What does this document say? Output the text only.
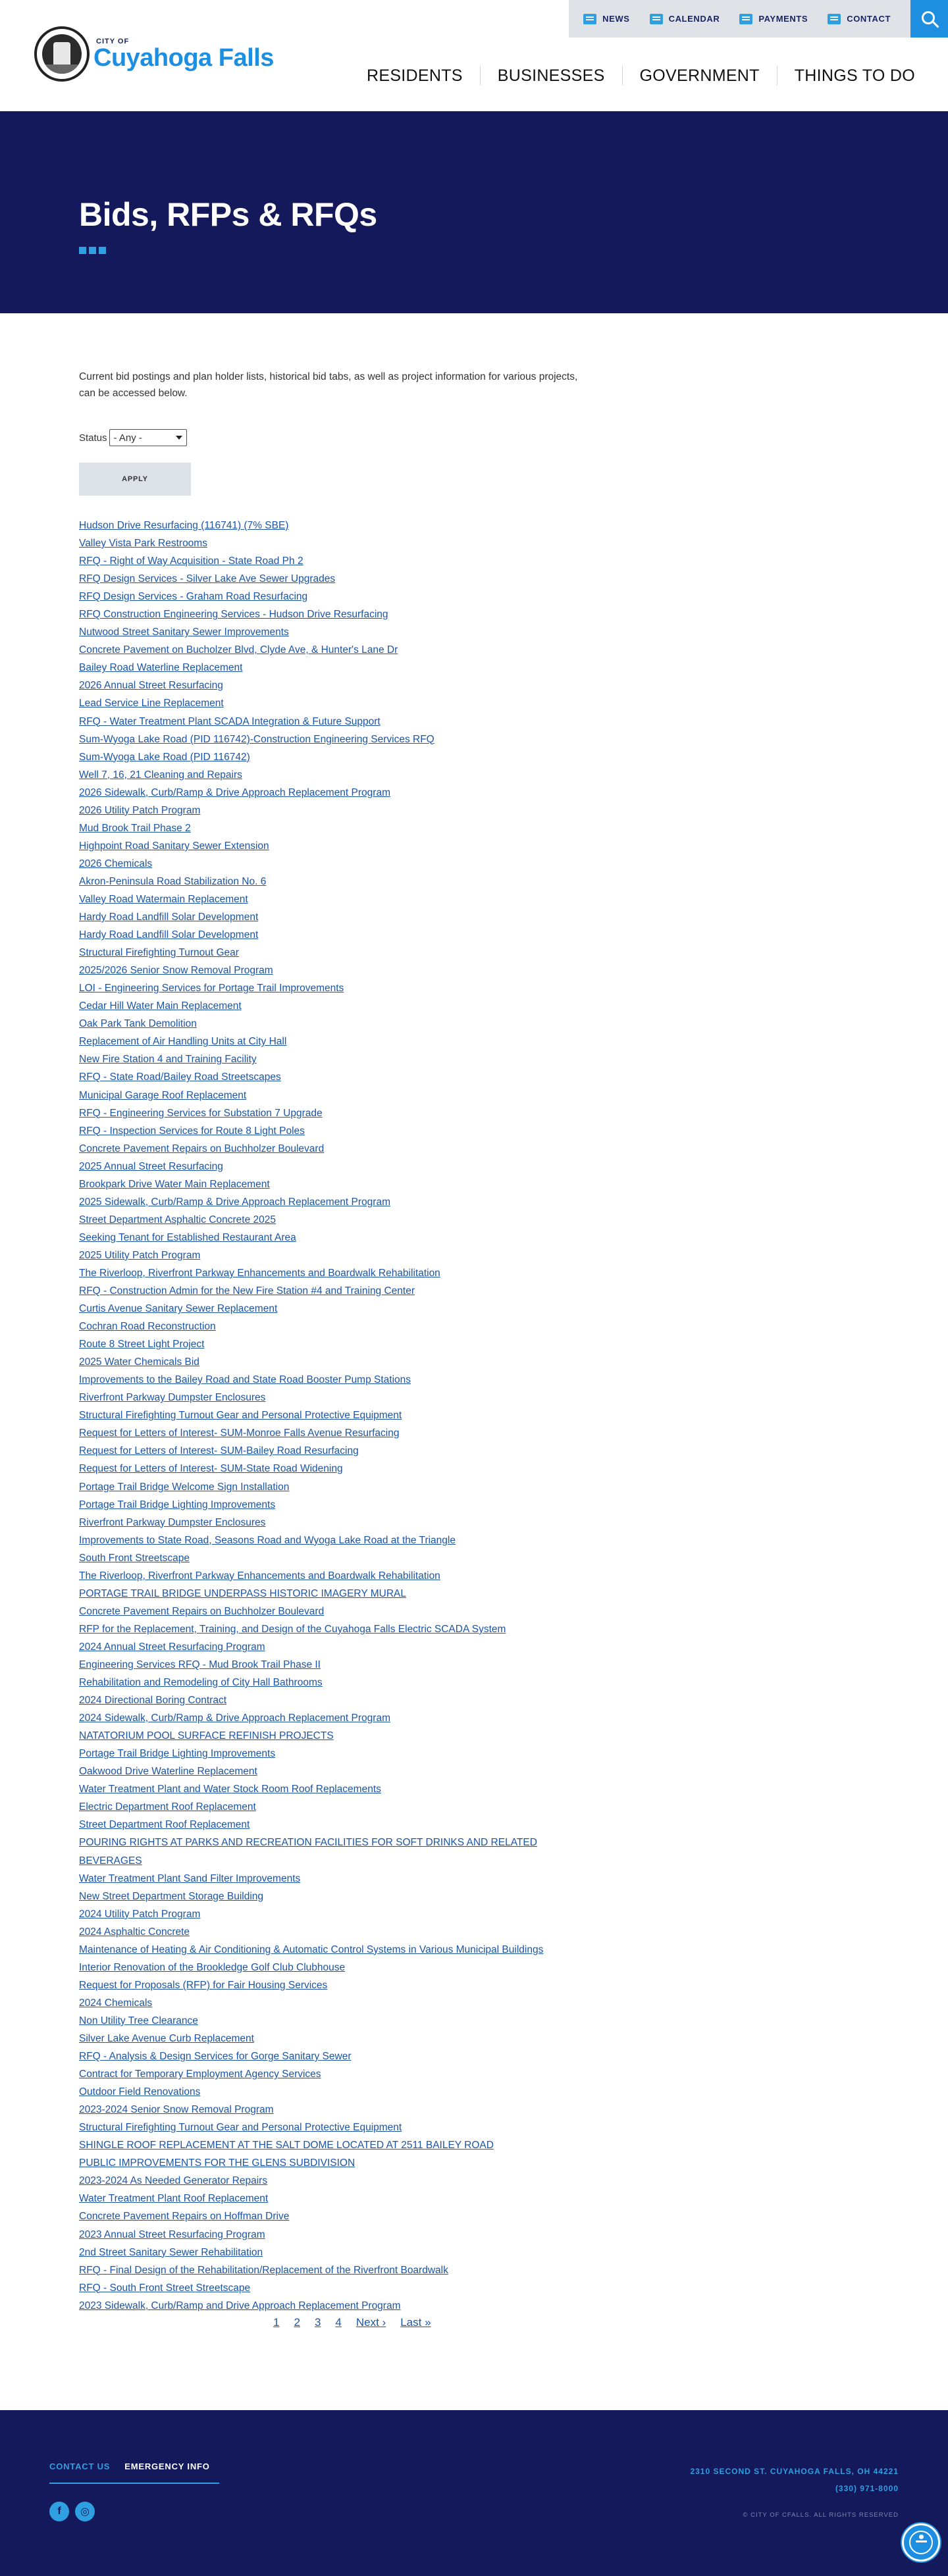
NEWS	CALENDAR	PAYMENTS	CONTACT
CITY OF
Cuyahoga Falls
RESIDENTS	BUSINESSES	GOVERNMENT	THINGS TO DO
Bids, RFPs & RFQs

Current bid postings and plan holder lists, historical bid tabs, as well as project information for various projects, can be accessed below.

Status - Any -
APPLY
Hudson Drive Resurfacing (116741) (7% SBE)
Valley Vista Park Restrooms
RFQ - Right of Way Acquisition - State Road Ph 2
RFQ Design Services - Silver Lake Ave Sewer Upgrades
RFQ Design Services - Graham Road Resurfacing
RFQ Construction Engineering Services - Hudson Drive Resurfacing
Nutwood Street Sanitary Sewer Improvements
Concrete Pavement on Bucholzer Blvd, Clyde Ave, & Hunter's Lane Dr
Bailey Road Waterline Replacement
2026 Annual Street Resurfacing
Lead Service Line Replacement
RFQ - Water Treatment Plant SCADA Integration & Future Support
Sum-Wyoga Lake Road (PID 116742)-Construction Engineering Services RFQ
Sum-Wyoga Lake Road (PID 116742)
Well 7, 16, 21 Cleaning and Repairs
2026 Sidewalk, Curb/Ramp & Drive Approach Replacement Program
2026 Utility Patch Program
Mud Brook Trail Phase 2
Highpoint Road Sanitary Sewer Extension
2026 Chemicals
Akron-Peninsula Road Stabilization No. 6
Valley Road Watermain Replacement
Hardy Road Landfill Solar Development
Hardy Road Landfill Solar Development
Structural Firefighting Turnout Gear
2025/2026 Senior Snow Removal Program
LOI - Engineering Services for Portage Trail Improvements
Cedar Hill Water Main Replacement
Oak Park Tank Demolition
Replacement of Air Handling Units at City Hall
New Fire Station 4 and Training Facility
RFQ - State Road/Bailey Road Streetscapes
Municipal Garage Roof Replacement
RFQ - Engineering Services for Substation 7 Upgrade
RFQ - Inspection Services for Route 8 Light Poles
Concrete Pavement Repairs on Buchholzer Boulevard
2025 Annual Street Resurfacing
Brookpark Drive Water Main Replacement
2025 Sidewalk, Curb/Ramp & Drive Approach Replacement Program
Street Department Asphaltic Concrete 2025
Seeking Tenant for Established Restaurant Area
2025 Utility Patch Program
The Riverloop, Riverfront Parkway Enhancements and Boardwalk Rehabilitation
RFQ - Construction Admin for the New Fire Station #4 and Training Center
Curtis Avenue Sanitary Sewer Replacement
Cochran Road Reconstruction
Route 8 Street Light Project
2025 Water Chemicals Bid
Improvements to the Bailey Road and State Road Booster Pump Stations
Riverfront Parkway Dumpster Enclosures
Structural Firefighting Turnout Gear and Personal Protective Equipment
Request for Letters of Interest- SUM-Monroe Falls Avenue Resurfacing
Request for Letters of Interest- SUM-Bailey Road Resurfacing
Request for Letters of Interest- SUM-State Road Widening
Portage Trail Bridge Welcome Sign Installation
Portage Trail Bridge Lighting Improvements
Riverfront Parkway Dumpster Enclosures
Improvements to State Road, Seasons Road and Wyoga Lake Road at the Triangle
South Front Streetscape
The Riverloop, Riverfront Parkway Enhancements and Boardwalk Rehabilitation
PORTAGE TRAIL BRIDGE UNDERPASS HISTORIC IMAGERY MURAL
Concrete Pavement Repairs on Buchholzer Boulevard
RFP for the Replacement, Training, and Design of the Cuyahoga Falls Electric SCADA System
2024 Annual Street Resurfacing Program
Engineering Services RFQ - Mud Brook Trail Phase II
Rehabilitation and Remodeling of City Hall Bathrooms
2024 Directional Boring Contract
2024 Sidewalk, Curb/Ramp & Drive Approach Replacement Program
NATATORIUM POOL SURFACE REFINISH PROJECTS
Portage Trail Bridge Lighting Improvements
Oakwood Drive Waterline Replacement
Water Treatment Plant and Water Stock Room Roof Replacements
Electric Department Roof Replacement
Street Department Roof Replacement
POURING RIGHTS AT PARKS AND RECREATION FACILITIES FOR SOFT DRINKS AND RELATED BEVERAGES
Water Treatment Plant Sand Filter Improvements
New Street Department Storage Building
2024 Utility Patch Program
2024 Asphaltic Concrete
Maintenance of Heating & Air Conditioning & Automatic Control Systems in Various Municipal Buildings
Interior Renovation of the Brookledge Golf Club Clubhouse
Request for Proposals (RFP) for Fair Housing Services
2024 Chemicals
Non Utility Tree Clearance
Silver Lake Avenue Curb Replacement
RFQ - Analysis & Design Services for Gorge Sanitary Sewer
Contract for Temporary Employment Agency Services
Outdoor Field Renovations
2023-2024 Senior Snow Removal Program
Structural Firefighting Turnout Gear and Personal Protective Equipment
SHINGLE ROOF REPLACEMENT AT THE SALT DOME LOCATED AT 2511 BAILEY ROAD
PUBLIC IMPROVEMENTS FOR THE GLENS SUBDIVISION
2023-2024 As Needed Generator Repairs
Water Treatment Plant Roof Replacement
Concrete Pavement Repairs on Hoffman Drive
2023 Annual Street Resurfacing Program
2nd Street Sanitary Sewer Rehabilitation
RFQ - Final Design of the Rehabilitation/Replacement of the Riverfront Boardwalk
RFQ - South Front Street Streetscape
2023 Sidewalk, Curb/Ramp and Drive Approach Replacement Program
1 2 3 4 Next › Last »
CONTACT US EMERGENCY INFO
f	◎
2310 SECOND ST. CUYAHOGA FALLS, OH 44221
(330) 971-8000
© CITY OF CFALLS. ALL RIGHTS RESERVED
